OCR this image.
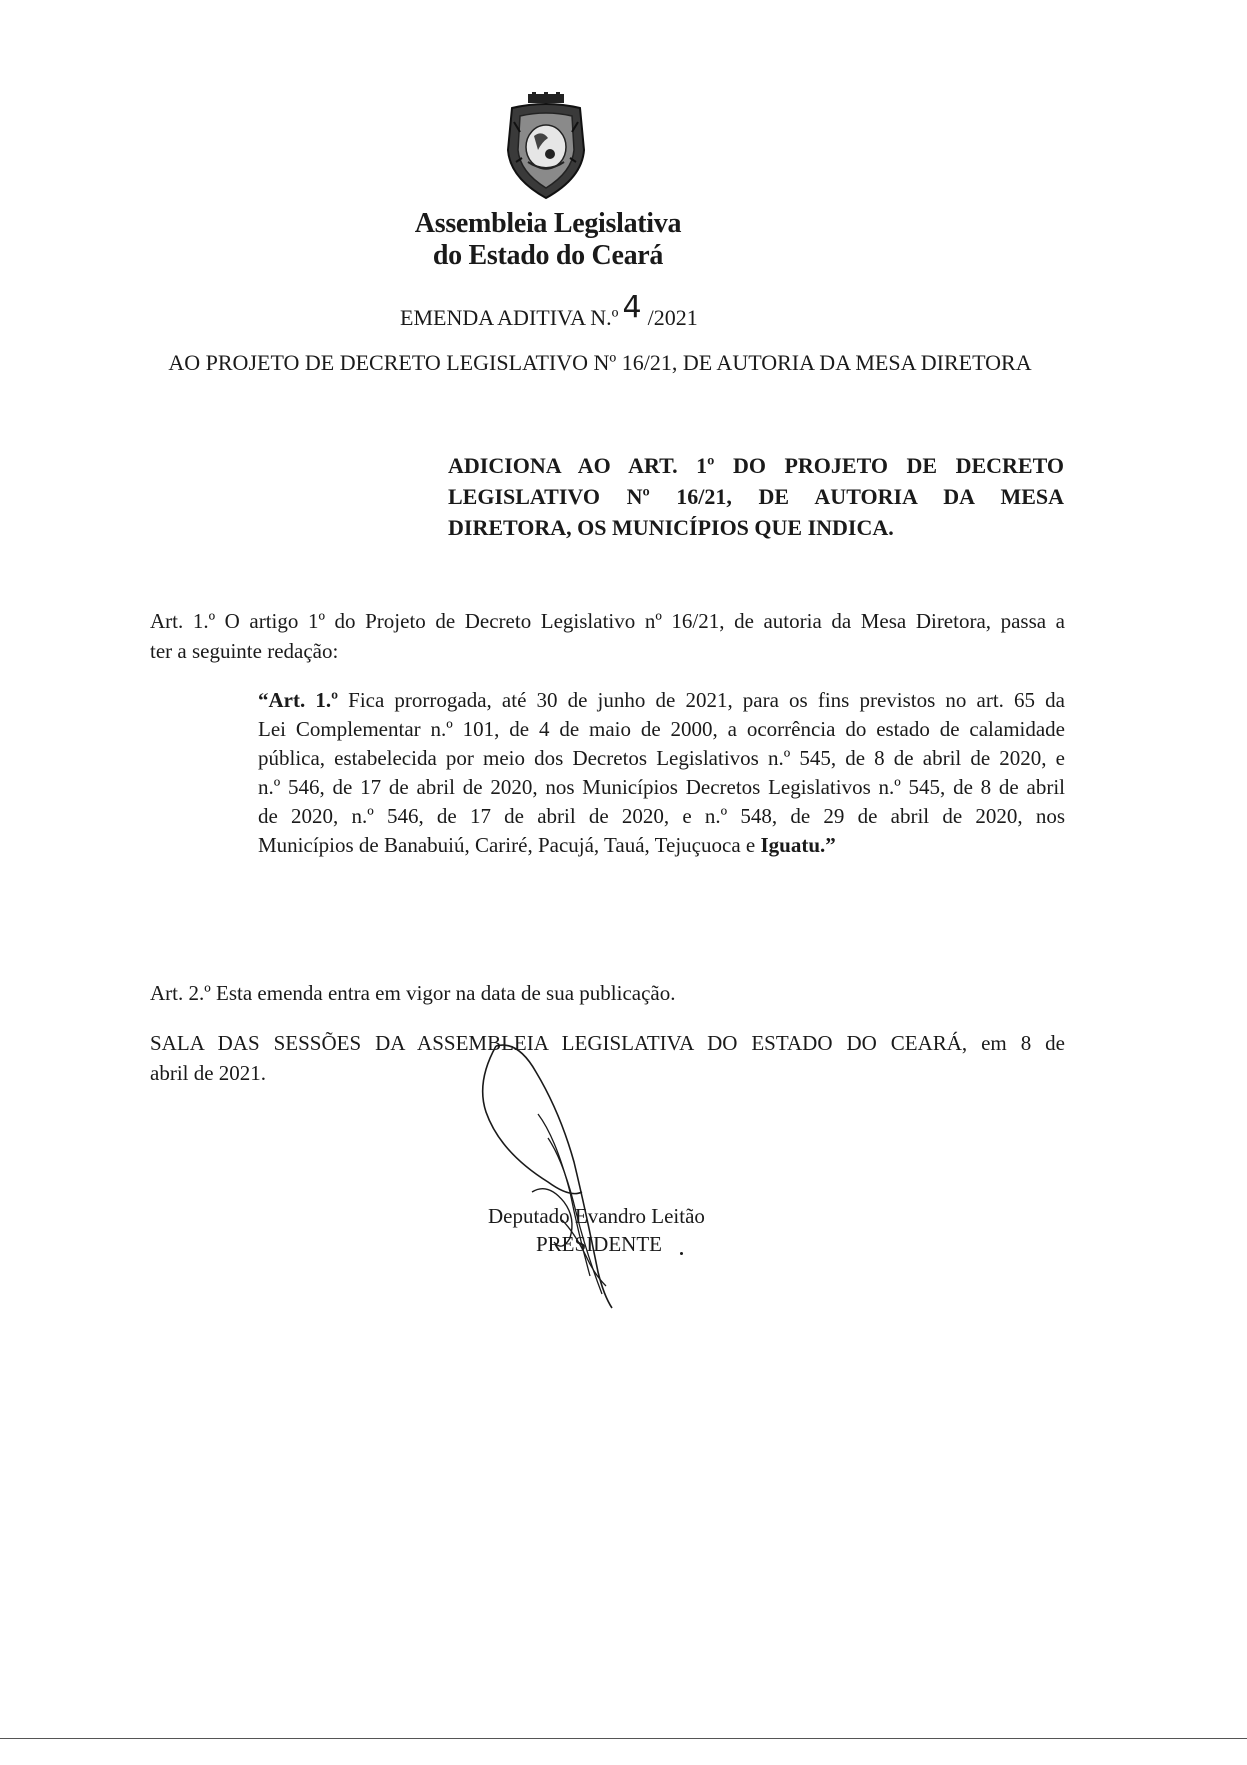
Assembleia Legislativa
do Estado do Ceará
EMENDA ADITIVA N.º 4 /2021
AO PROJETO DE DECRETO LEGISLATIVO Nº 16/21, DE AUTORIA DA MESA DIRETORA
ADICIONA AO ART. 1º DO PROJETO DE DECRETO
LEGISLATIVO Nº 16/21, DE AUTORIA DA MESA
DIRETORA, OS MUNICÍPIOS QUE INDICA.
Art. 1.º O artigo 1º do Projeto de Decreto Legislativo nº 16/21, de autoria da Mesa Diretora, passa a
ter a seguinte redação:
“Art. 1.º Fica prorrogada, até 30 de junho de 2021, para os fins previstos no art. 65 da
Lei Complementar n.º 101, de 4 de maio de 2000, a ocorrência do estado de calamidade
pública, estabelecida por meio dos Decretos Legislativos n.º 545, de 8 de abril de 2020, e
n.º 546, de 17 de abril de 2020, nos Municípios Decretos Legislativos n.º 545, de 8 de abril
de 2020, n.º 546, de 17 de abril de 2020, e n.º 548, de 29 de abril de 2020, nos
Municípios de Banabuiú, Cariré, Pacujá, Tauá, Tejuçuoca e Iguatu.”
Art. 2.º Esta emenda entra em vigor na data de sua publicação.
SALA DAS SESSÕES DA ASSEMBLEIA LEGISLATIVA DO ESTADO DO CEARÁ, em 8 de
abril de 2021.
Deputado Evandro Leitão
PRESIDENTE
